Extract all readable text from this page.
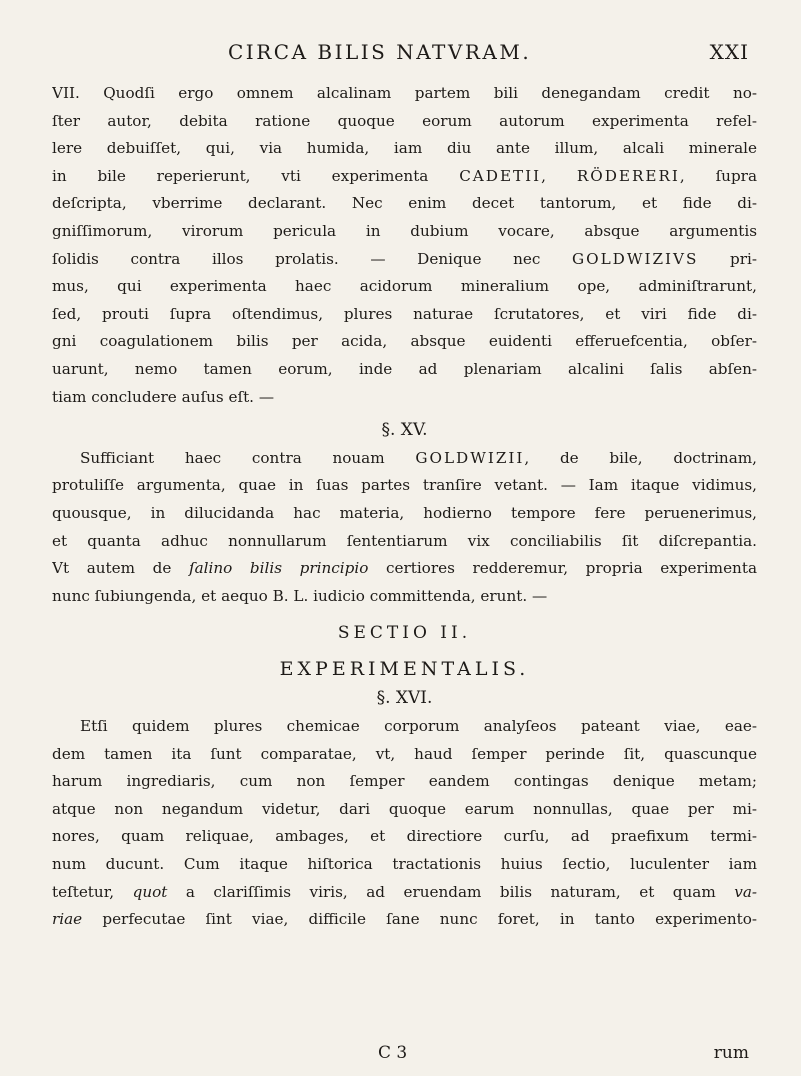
CIRCA BILIS NATVRAM.	XXI
VII. Quodſi ergo omnem alcalinam partem bili denegandam credit no-
ſter autor, debita ratione quoque eorum autorum experimenta refel-
lere debuiſſet, qui, via humida, iam diu ante illum, alcali minerale
in bile reperierunt, vti experimenta CADETII, RÖDERERI, ſupra
deſcripta, vberrime declarant. Nec enim decet tantorum, et fide di-
gniſſimorum, virorum pericula in dubium vocare, absque argumentis
ſolidis contra illos prolatis. — Denique nec GOLDWIZIVS pri-
mus, qui experimenta haec acidorum mineralium ope, adminiſtrarunt,
ſed, prouti ſupra oſtendimus, plures naturae ſcrutatores, et viri fide di-
gni coagulationem bilis per acida, absque euidenti efferuefcentia, obſer-
uarunt, nemo tamen eorum, inde ad plenariam alcalini ſalis abſen-
tiam concludere auſus eſt. —
§. XV.
Sufficiant haec contra nouam GOLDWIZII, de bile, doctrinam,
protuliſſe argumenta, quae in ſuas partes tranſire vetant. — Iam itaque vidimus,
quousque, in dilucidanda hac materia, hodierno tempore fere peruenerimus,
et quanta adhuc nonnullarum ſententiarum vix conciliabilis ſit diſcrepantia.
Vt autem de ſalino bilis principio certiores redderemur, propria experimenta
nunc ſubiungenda, et aequo B. L. iudicio committenda, erunt. —
SECTIO II.
EXPERIMENTALIS.
§. XVI.
Etſi quidem plures chemicae corporum analyſeos pateant viae, eae-
dem tamen ita ſunt comparatae, vt, haud ſemper perinde ſit, quascunque
harum ingrediaris, cum non ſemper eandem contingas denique metam;
atque non negandum videtur, dari quoque earum nonnullas, quae per mi-
nores, quam reliquae, ambages, et directiore curſu, ad praefixum termi-
num ducunt. Cum itaque hiſtorica tractationis huius ſectio, luculenter iam
teſtetur, quot a clariſſimis viris, ad eruendam bilis naturam, et quam va-
riae perfecutae ſint viae, difficile ſane nunc foret, in tanto experimento-
C 3	rum
